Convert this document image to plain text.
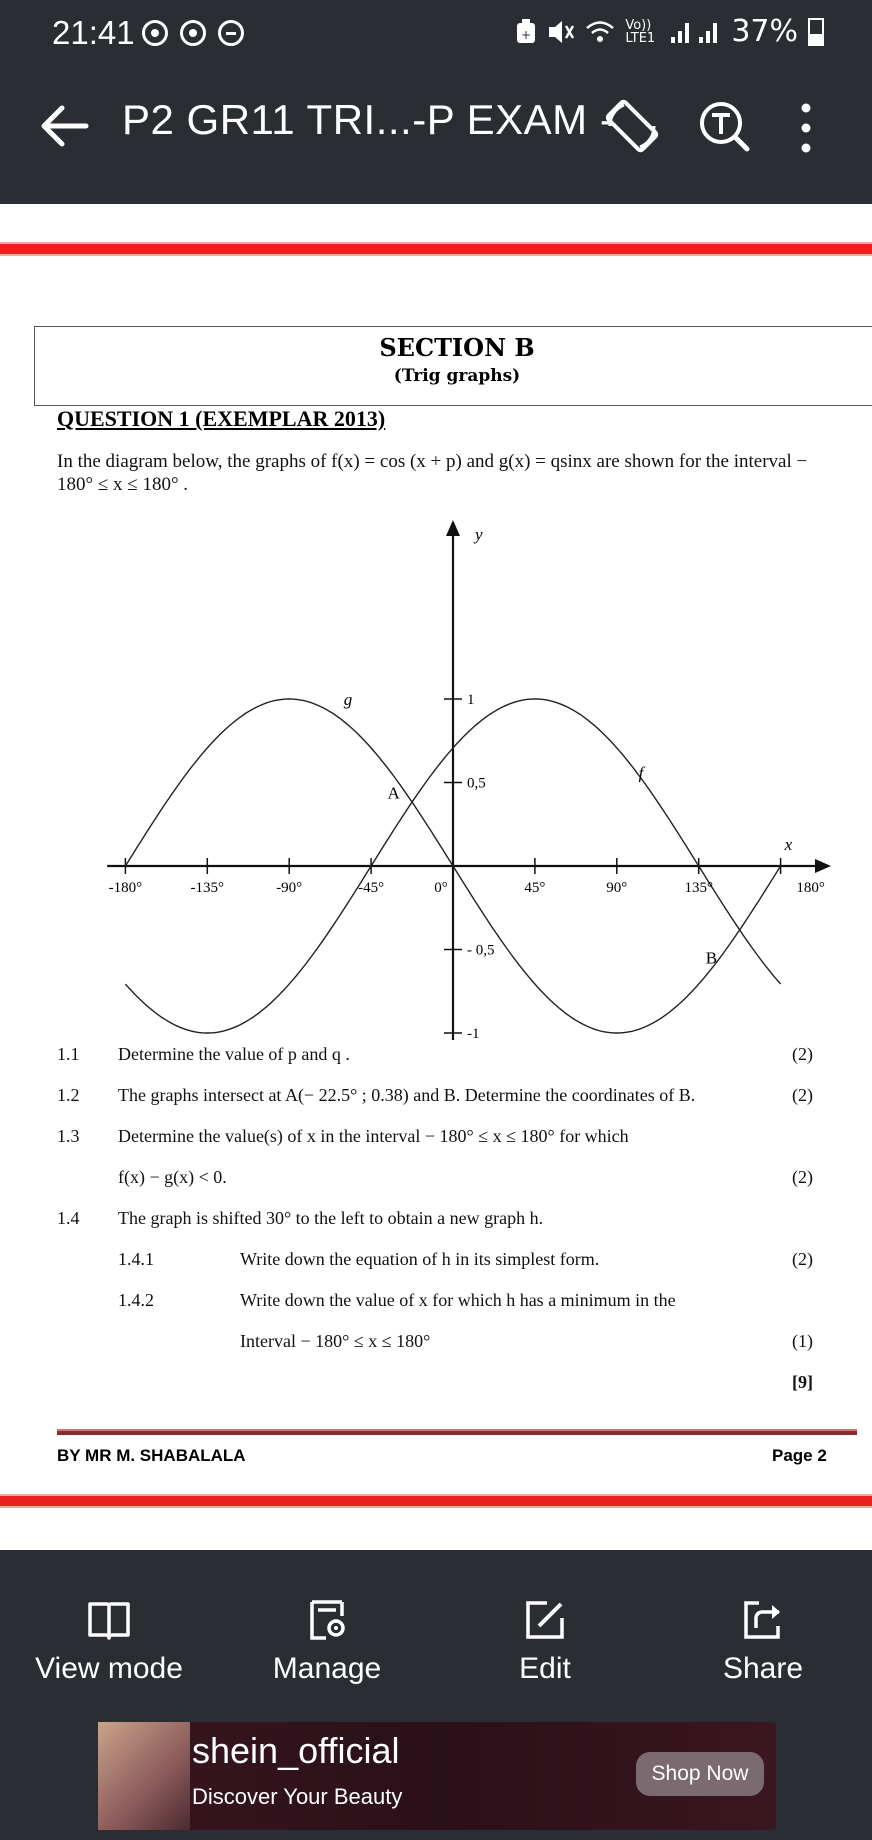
21:41	+
Vo)) LTE1	37%
P2 GR11 TRI...-P EXAM -
SECTION B
(Trig graphs)
QUESTION 1 (EXEMPLAR 2013)
In the diagram below, the graphs of f(x) = cos (x + p) and g(x) = qsinx are shown for the interval − 180° ≤ x ≤ 180° .
-180°	-135°	-90°	-45°	0°	45°	90°	135°	180°
1
0,5
- 0,5
-1
y
x
g
f
A
B
1.1 Determine the value of p and q .	(2)
1.2 The graphs intersect at A(− 22.5° ; 0.38) and B. Determine the coordinates of B.	(2)
1.3 Determine the value(s) of x in the interval − 180° ≤ x ≤ 180° for which
f(x) − g(x) < 0.	(2)
1.4 The graph is shifted 30° to the left to obtain a new graph h.
1.4.1	Write down the equation of h in its simplest form.	(2)
1.4.2	Write down the value of x for which h has a minimum in the
Interval − 180° ≤ x ≤ 180°	(1)
[9]
BY MR M. SHABALALA	Page 2
View mode	Manage	Edit	Share
shein_official
Discover Your Beauty
Shop Now
